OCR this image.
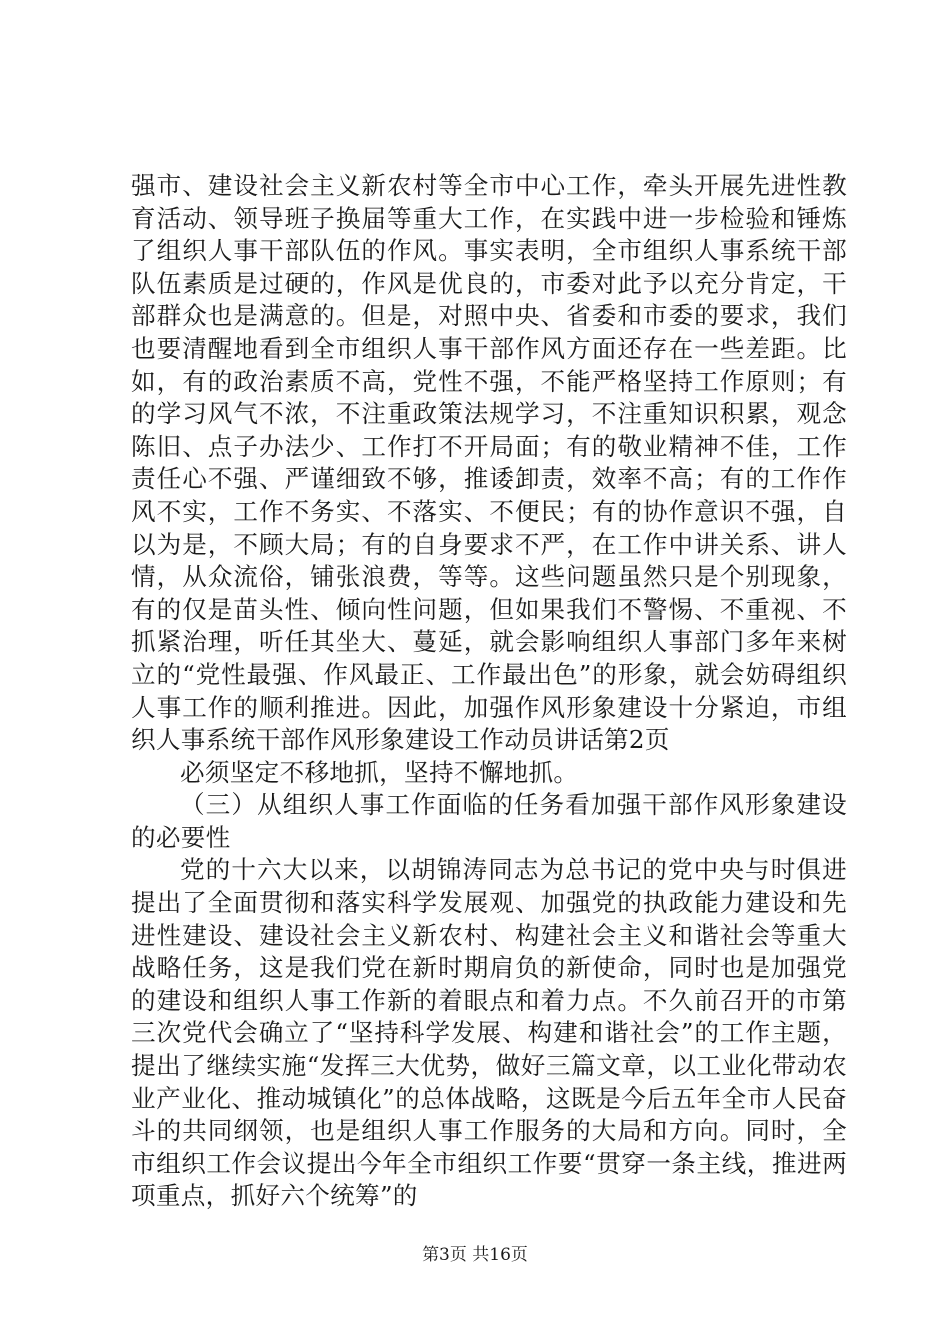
强市、建设社会主义新农村等全市中心工作，牵头开展先进性教育活动、领导班子换届等重大工作，在实践中进一步检验和锤炼了组织人事干部队伍的作风。事实表明，全市组织人事系统干部队伍素质是过硬的，作风是优良的，市委对此予以充分肯定，干部群众也是满意的。但是，对照中央、省委和市委的要求，我们也要清醒地看到全市组织人事干部作风方面还存在一些差距。比如，有的政治素质不高，党性不强，不能严格坚持工作原则；有的学习风气不浓，不注重政策法规学习，不注重知识积累，观念陈旧、点子办法少、工作打不开局面；有的敬业精神不佳，工作责任心不强、严谨细致不够，推诿卸责，效率不高；有的工作作风不实，工作不务实、不落实、不便民；有的协作意识不强，自以为是，不顾大局；有的自身要求不严，在工作中讲关系、讲人情，从众流俗，铺张浪费，等等。这些问题虽然只是个别现象，有的仅是苗头性、倾向性问题，但如果我们不警惕、不重视、不抓紧治理，听任其坐大、蔓延，就会影响组织人事部门多年来树立的“党性最强、作风最正、工作最出色”的形象，就会妨碍组织人事工作的顺利推进。因此，加强作风形象建设十分紧迫，市组织人事系统干部作风形象建设工作动员讲话第2页

必须坚定不移地抓，坚持不懈地抓。

（三）从组织人事工作面临的任务看加强干部作风形象建设的必要性

党的十六大以来，以胡锦涛同志为总书记的党中央与时俱进提出了全面贯彻和落实科学发展观、加强党的执政能力建设和先进性建设、建设社会主义新农村、构建社会主义和谐社会等重大战略任务，这是我们党在新时期肩负的新使命，同时也是加强党的建设和组织人事工作新的着眼点和着力点。不久前召开的市第三次党代会确立了“坚持科学发展、构建和谐社会”的工作主题，提出了继续实施“发挥三大优势，做好三篇文章，以工业化带动农业产业化、推动城镇化”的总体战略，这既是今后五年全市人民奋斗的共同纲领，也是组织人事工作服务的大局和方向。同时，全市组织工作会议提出今年全市组织工作要“贯穿一条主线，推进两项重点，抓好六个统筹”的

第3页 共16页
